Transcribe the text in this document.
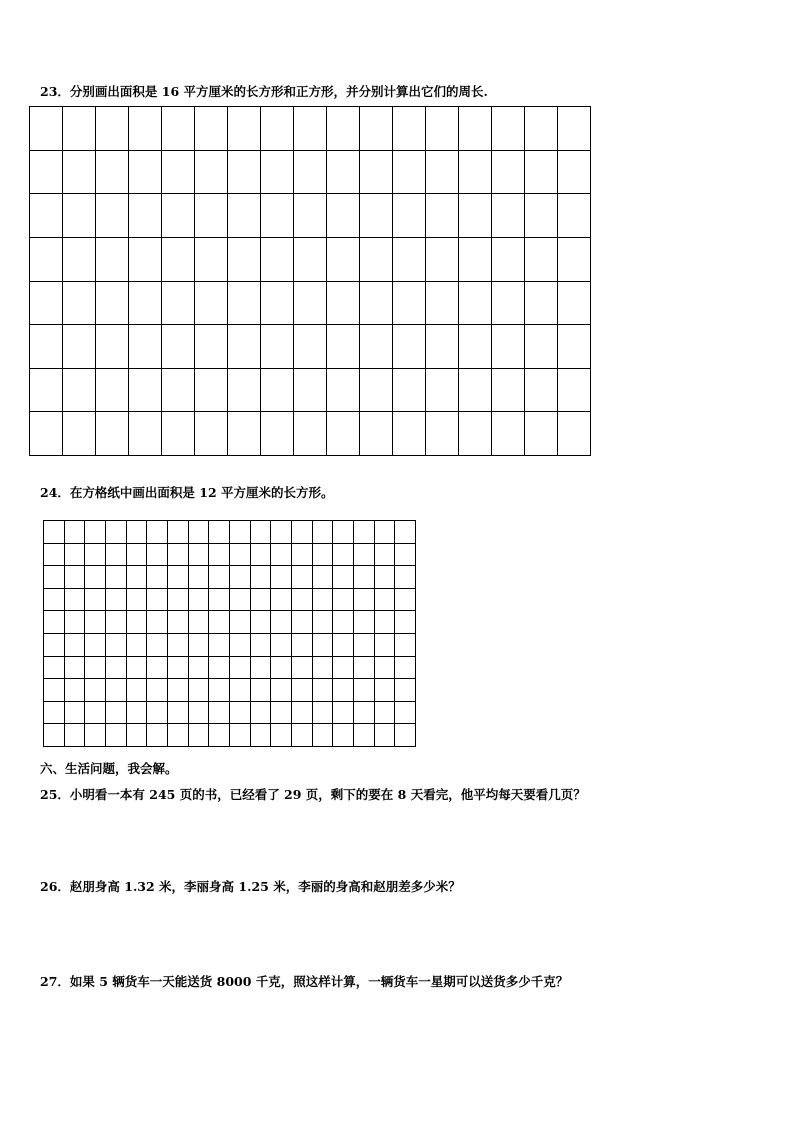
23．分别画出面积是 16 平方厘米的长方形和正方形，并分别计算出它们的周长.

24．在方格纸中画出面积是 12 平方厘米的长方形。

六、生活问题，我会解。
25．小明看一本有 245 页的书，已经看了 29 页，剩下的要在 8 天看完，他平均每天要看几页？
26．赵朋身高 1.32 米，李丽身高 1.25 米，李丽的身高和赵朋差多少米？
27．如果 5 辆货车一天能送货 8000 千克，照这样计算，一辆货车一星期可以送货多少千克？
